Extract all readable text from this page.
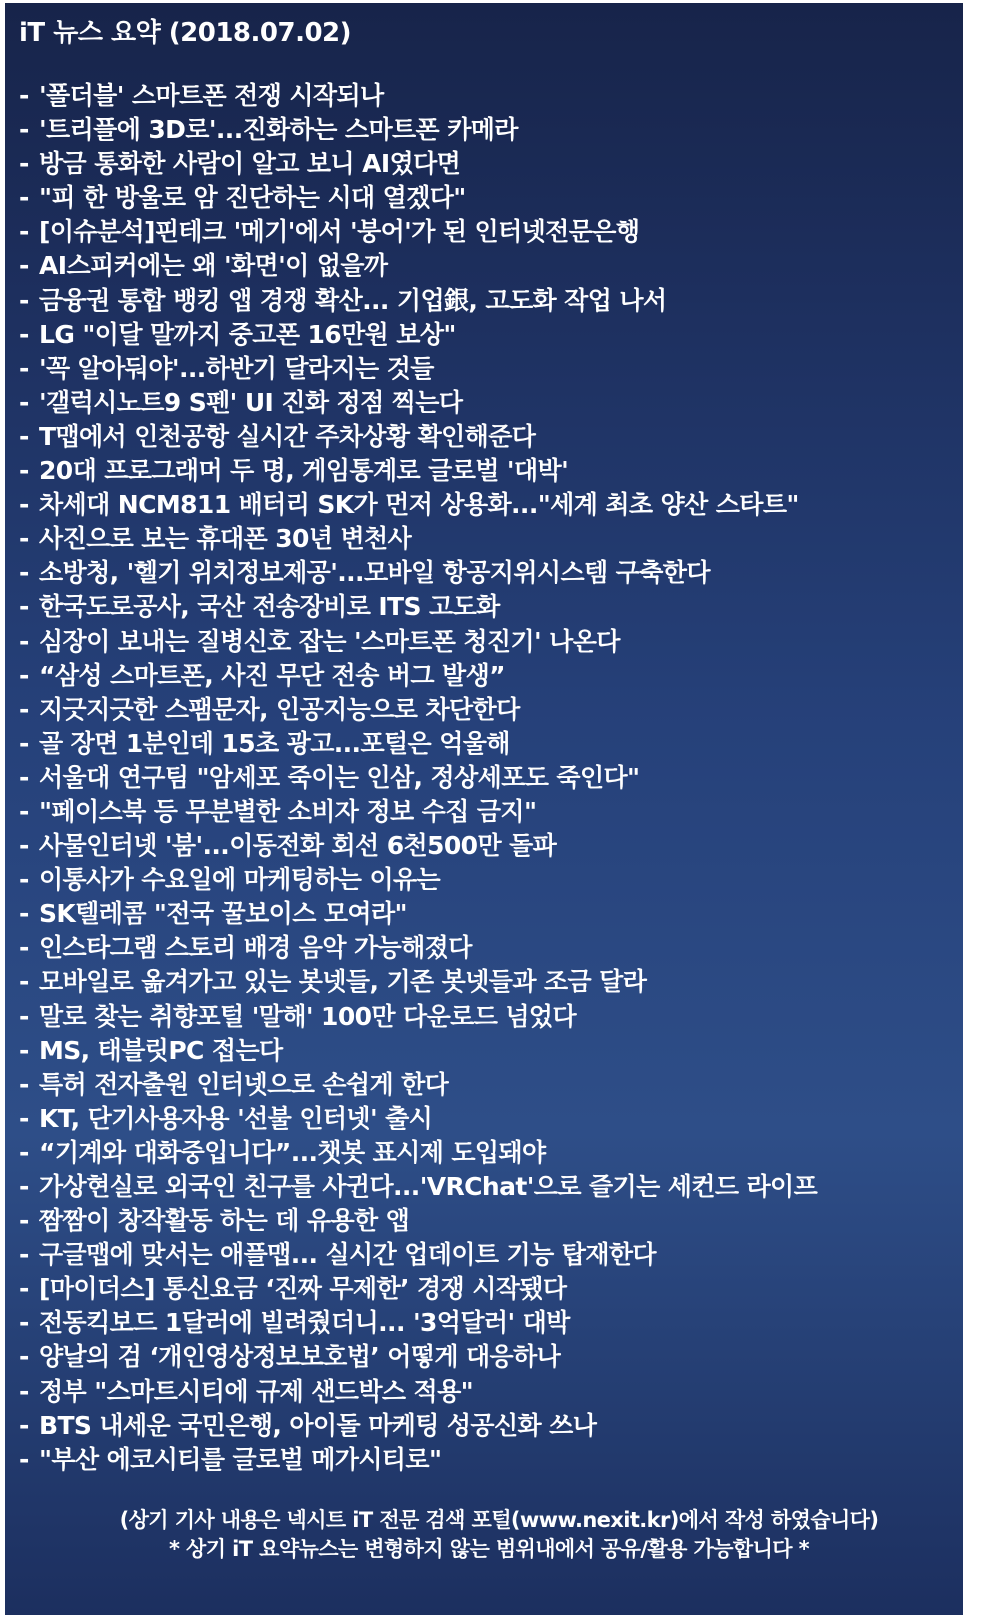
iT 뉴스 요약 (2018.07.02)
- '폴더블' 스마트폰 전쟁 시작되나
- '트리플에 3D로'...진화하는 스마트폰 카메라
- 방금 통화한 사람이 알고 보니 AI였다면
- "피 한 방울로 암 진단하는 시대 열겠다"
- [이슈분석]핀테크 '메기'에서 '붕어'가 된 인터넷전문은행
- AI스피커에는 왜 '화면'이 없을까
- 금융권 통합 뱅킹 앱 경쟁 확산... 기업銀, 고도화 작업 나서
- LG "이달 말까지 중고폰 16만원 보상"
- '꼭 알아둬야'...하반기 달라지는 것들
- '갤럭시노트9 S펜' UI 진화 정점 찍는다
- T맵에서 인천공항 실시간 주차상황 확인해준다
- 20대 프로그래머 두 명, 게임통계로 글로벌 '대박'
- 차세대 NCM811 배터리 SK가 먼저 상용화..."세계 최초 양산 스타트"
- 사진으로 보는 휴대폰 30년 변천사
- 소방청, '헬기 위치정보제공'...모바일 항공지위시스템 구축한다
- 한국도로공사, 국산 전송장비로 ITS 고도화
- 심장이 보내는 질병신호 잡는 '스마트폰 청진기' 나온다
- “삼성 스마트폰, 사진 무단 전송 버그 발생”
- 지긋지긋한 스팸문자, 인공지능으로 차단한다
- 골 장면 1분인데 15초 광고...포털은 억울해
- 서울대 연구팀 "암세포 죽이는 인삼, 정상세포도 죽인다"
- "페이스북 등 무분별한 소비자 정보 수집 금지"
- 사물인터넷 '붐'...이동전화 회선 6천500만 돌파
- 이통사가 수요일에 마케팅하는 이유는
- SK텔레콤 "전국 꿀보이스 모여라"
- 인스타그램 스토리 배경 음악 가능해졌다
- 모바일로 옮겨가고 있는 봇넷들, 기존 봇넷들과 조금 달라
- 말로 찾는 취향포털 '말해' 100만 다운로드 넘었다
- MS, 태블릿PC 접는다
- 특허 전자출원 인터넷으로 손쉽게 한다
- KT, 단기사용자용 '선불 인터넷' 출시
- “기계와 대화중입니다”...챗봇 표시제 도입돼야
- 가상현실로 외국인 친구를 사귄다...'VRChat'으로 즐기는 세컨드 라이프
- 짬짬이 창작활동 하는 데 유용한 앱
- 구글맵에 맞서는 애플맵... 실시간 업데이트 기능 탑재한다
- [마이더스] 통신요금 ‘진짜 무제한’ 경쟁 시작됐다
- 전동킥보드 1달러에 빌려줬더니... '3억달러' 대박
- 양날의 검 ‘개인영상정보보호법’ 어떻게 대응하나
- 정부 "스마트시티에 규제 샌드박스 적용"
- BTS 내세운 국민은행, 아이돌 마케팅 성공신화 쓰나
- "부산 에코시티를 글로벌 메가시티로"
(상기 기사 내용은 넥시트 iT 전문 검색 포털(www.nexit.kr)에서 작성 하였습니다)
* 상기 iT 요약뉴스는 변형하지 않는 범위내에서 공유/활용 가능합니다 *
